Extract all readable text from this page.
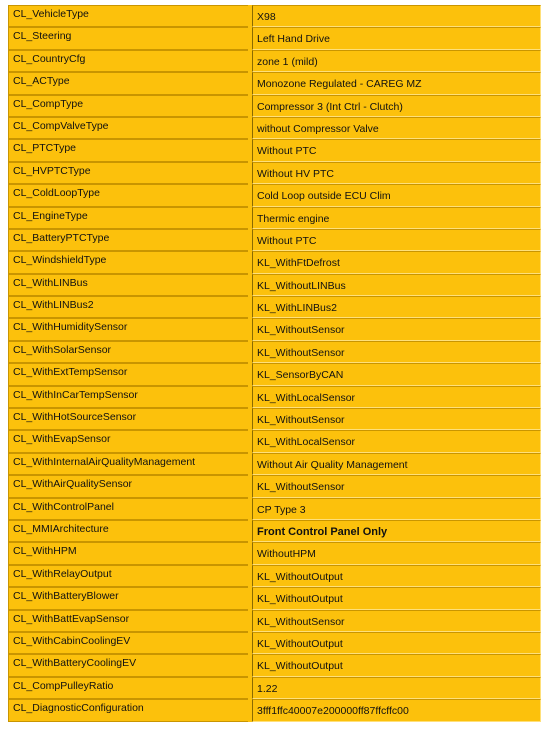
CL_VehicleType	X98
CL_Steering	Left Hand Drive
CL_CountryCfg	zone 1 (mild)
CL_ACType	Monozone Regulated - CAREG MZ
CL_CompType	Compressor 3 (Int Ctrl - Clutch)
CL_CompValveType	without Compressor Valve
CL_PTCType	Without PTC
CL_HVPTCType	Without HV PTC
CL_ColdLoopType	Cold Loop outside ECU Clim
CL_EngineType	Thermic engine
CL_BatteryPTCType	Without PTC
CL_WindshieldType	KL_WithFtDefrost
CL_WithLINBus	KL_WithoutLINBus
CL_WithLINBus2	KL_WithLINBus2
CL_WithHumiditySensor	KL_WithoutSensor
CL_WithSolarSensor	KL_WithoutSensor
CL_WithExtTempSensor	KL_SensorByCAN
CL_WithInCarTempSensor	KL_WithLocalSensor
CL_WithHotSourceSensor	KL_WithoutSensor
CL_WithEvapSensor	KL_WithLocalSensor
CL_WithInternalAirQualityManagement	Without Air Quality Management
CL_WithAirQualitySensor	KL_WithoutSensor
CL_WithControlPanel	CP Type 3
CL_MMIArchitecture	Front Control Panel Only
CL_WithHPM	WithoutHPM
CL_WithRelayOutput	KL_WithoutOutput
CL_WithBatteryBlower	KL_WithoutOutput
CL_WithBattEvapSensor	KL_WithoutSensor
CL_WithCabinCoolingEV	KL_WithoutOutput
CL_WithBatteryCoolingEV	KL_WithoutOutput
CL_CompPulleyRatio	1.22
CL_DiagnosticConfiguration	3fff1ffc40007e200000ff87ffcffc00
